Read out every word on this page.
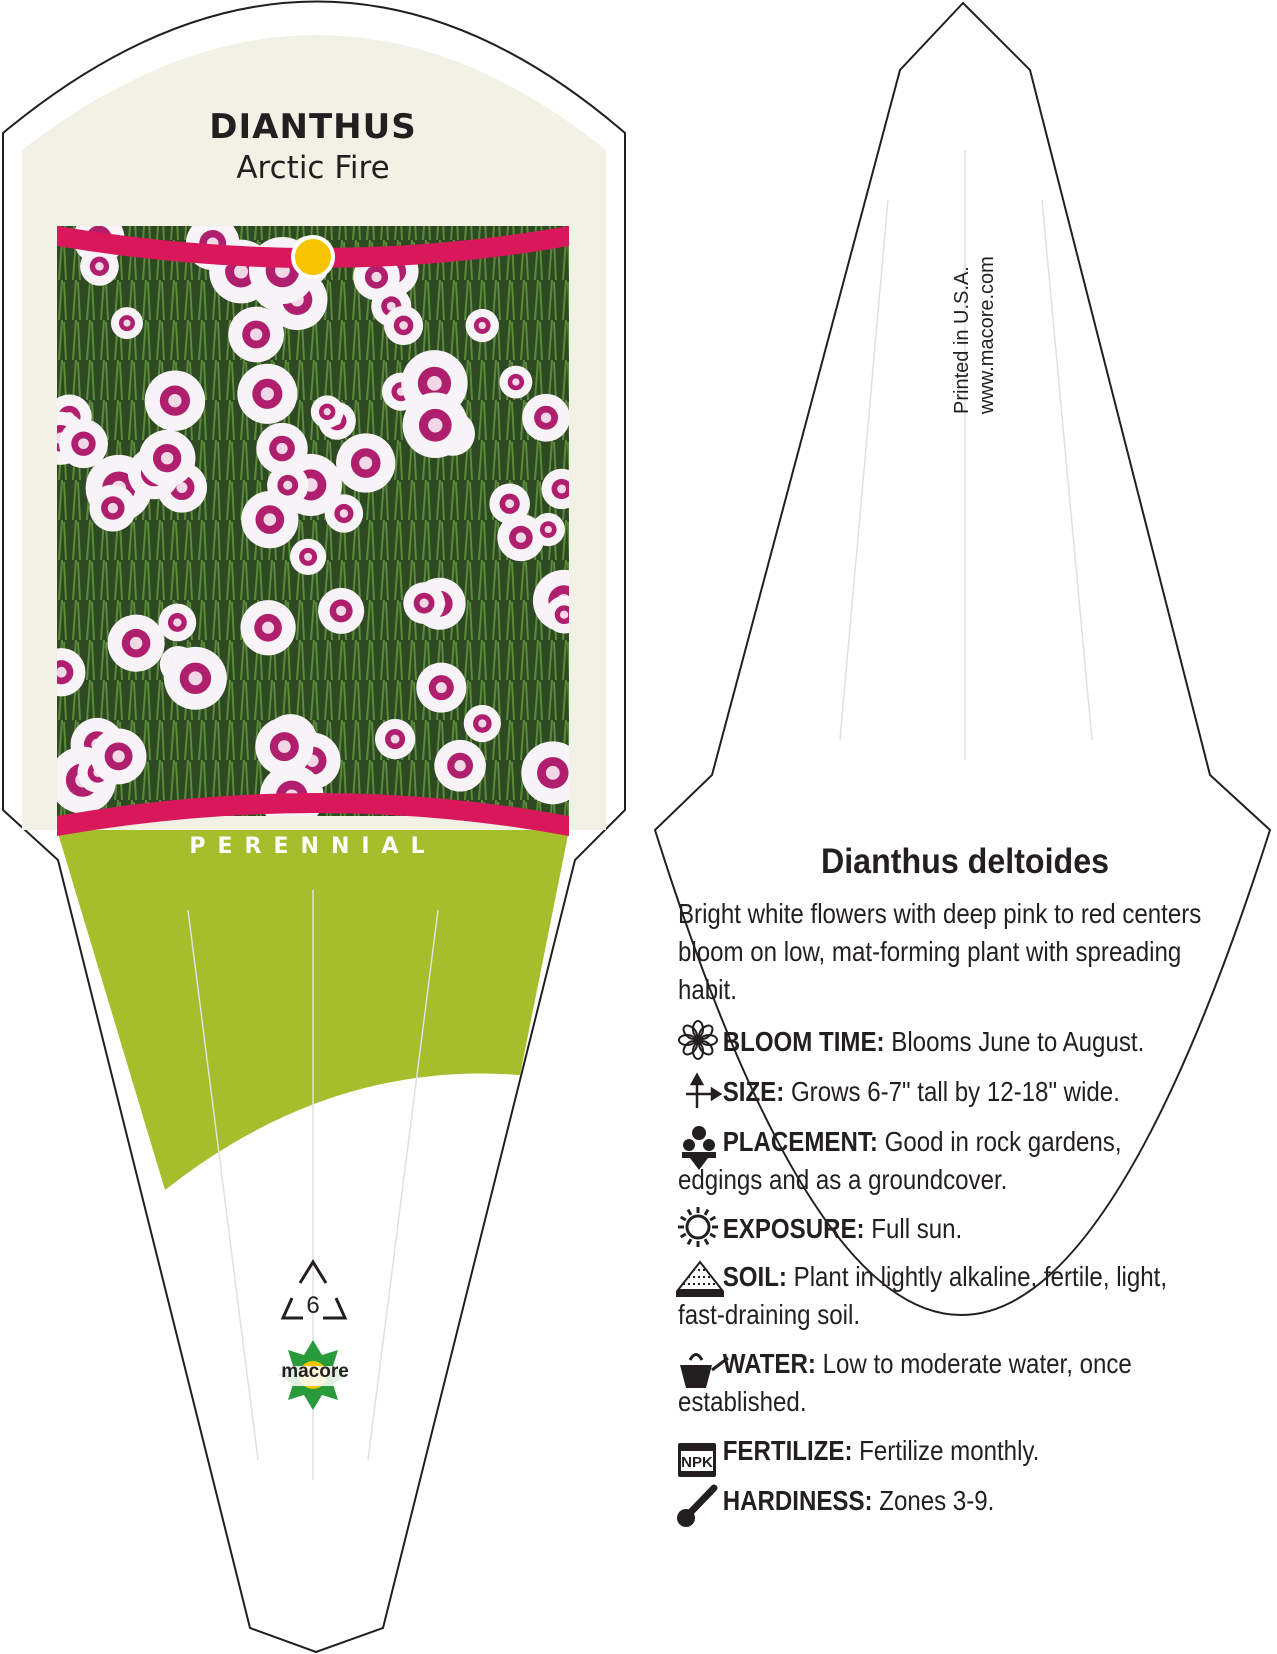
NPK
DIANTHUS
Arctic Fire
PERENNIAL
6
macore
Printed in U.S.A. www.macore.com
Dianthus deltoides
Bright white flowers with deep pink to red centers bloom on low, mat-forming plant with spreading habit.
BLOOM TIME: Blooms June to August.
SIZE: Grows 6-7" tall by 12-18" wide.
PLACEMENT: Good in rock gardens, edgings and as a groundcover.
EXPOSURE: Full sun.
SOIL: Plant in lightly alkaline, fertile, light, fast-draining soil.
WATER: Low to moderate water, once established.
FERTILIZE: Fertilize monthly.
HARDINESS: Zones 3-9.
